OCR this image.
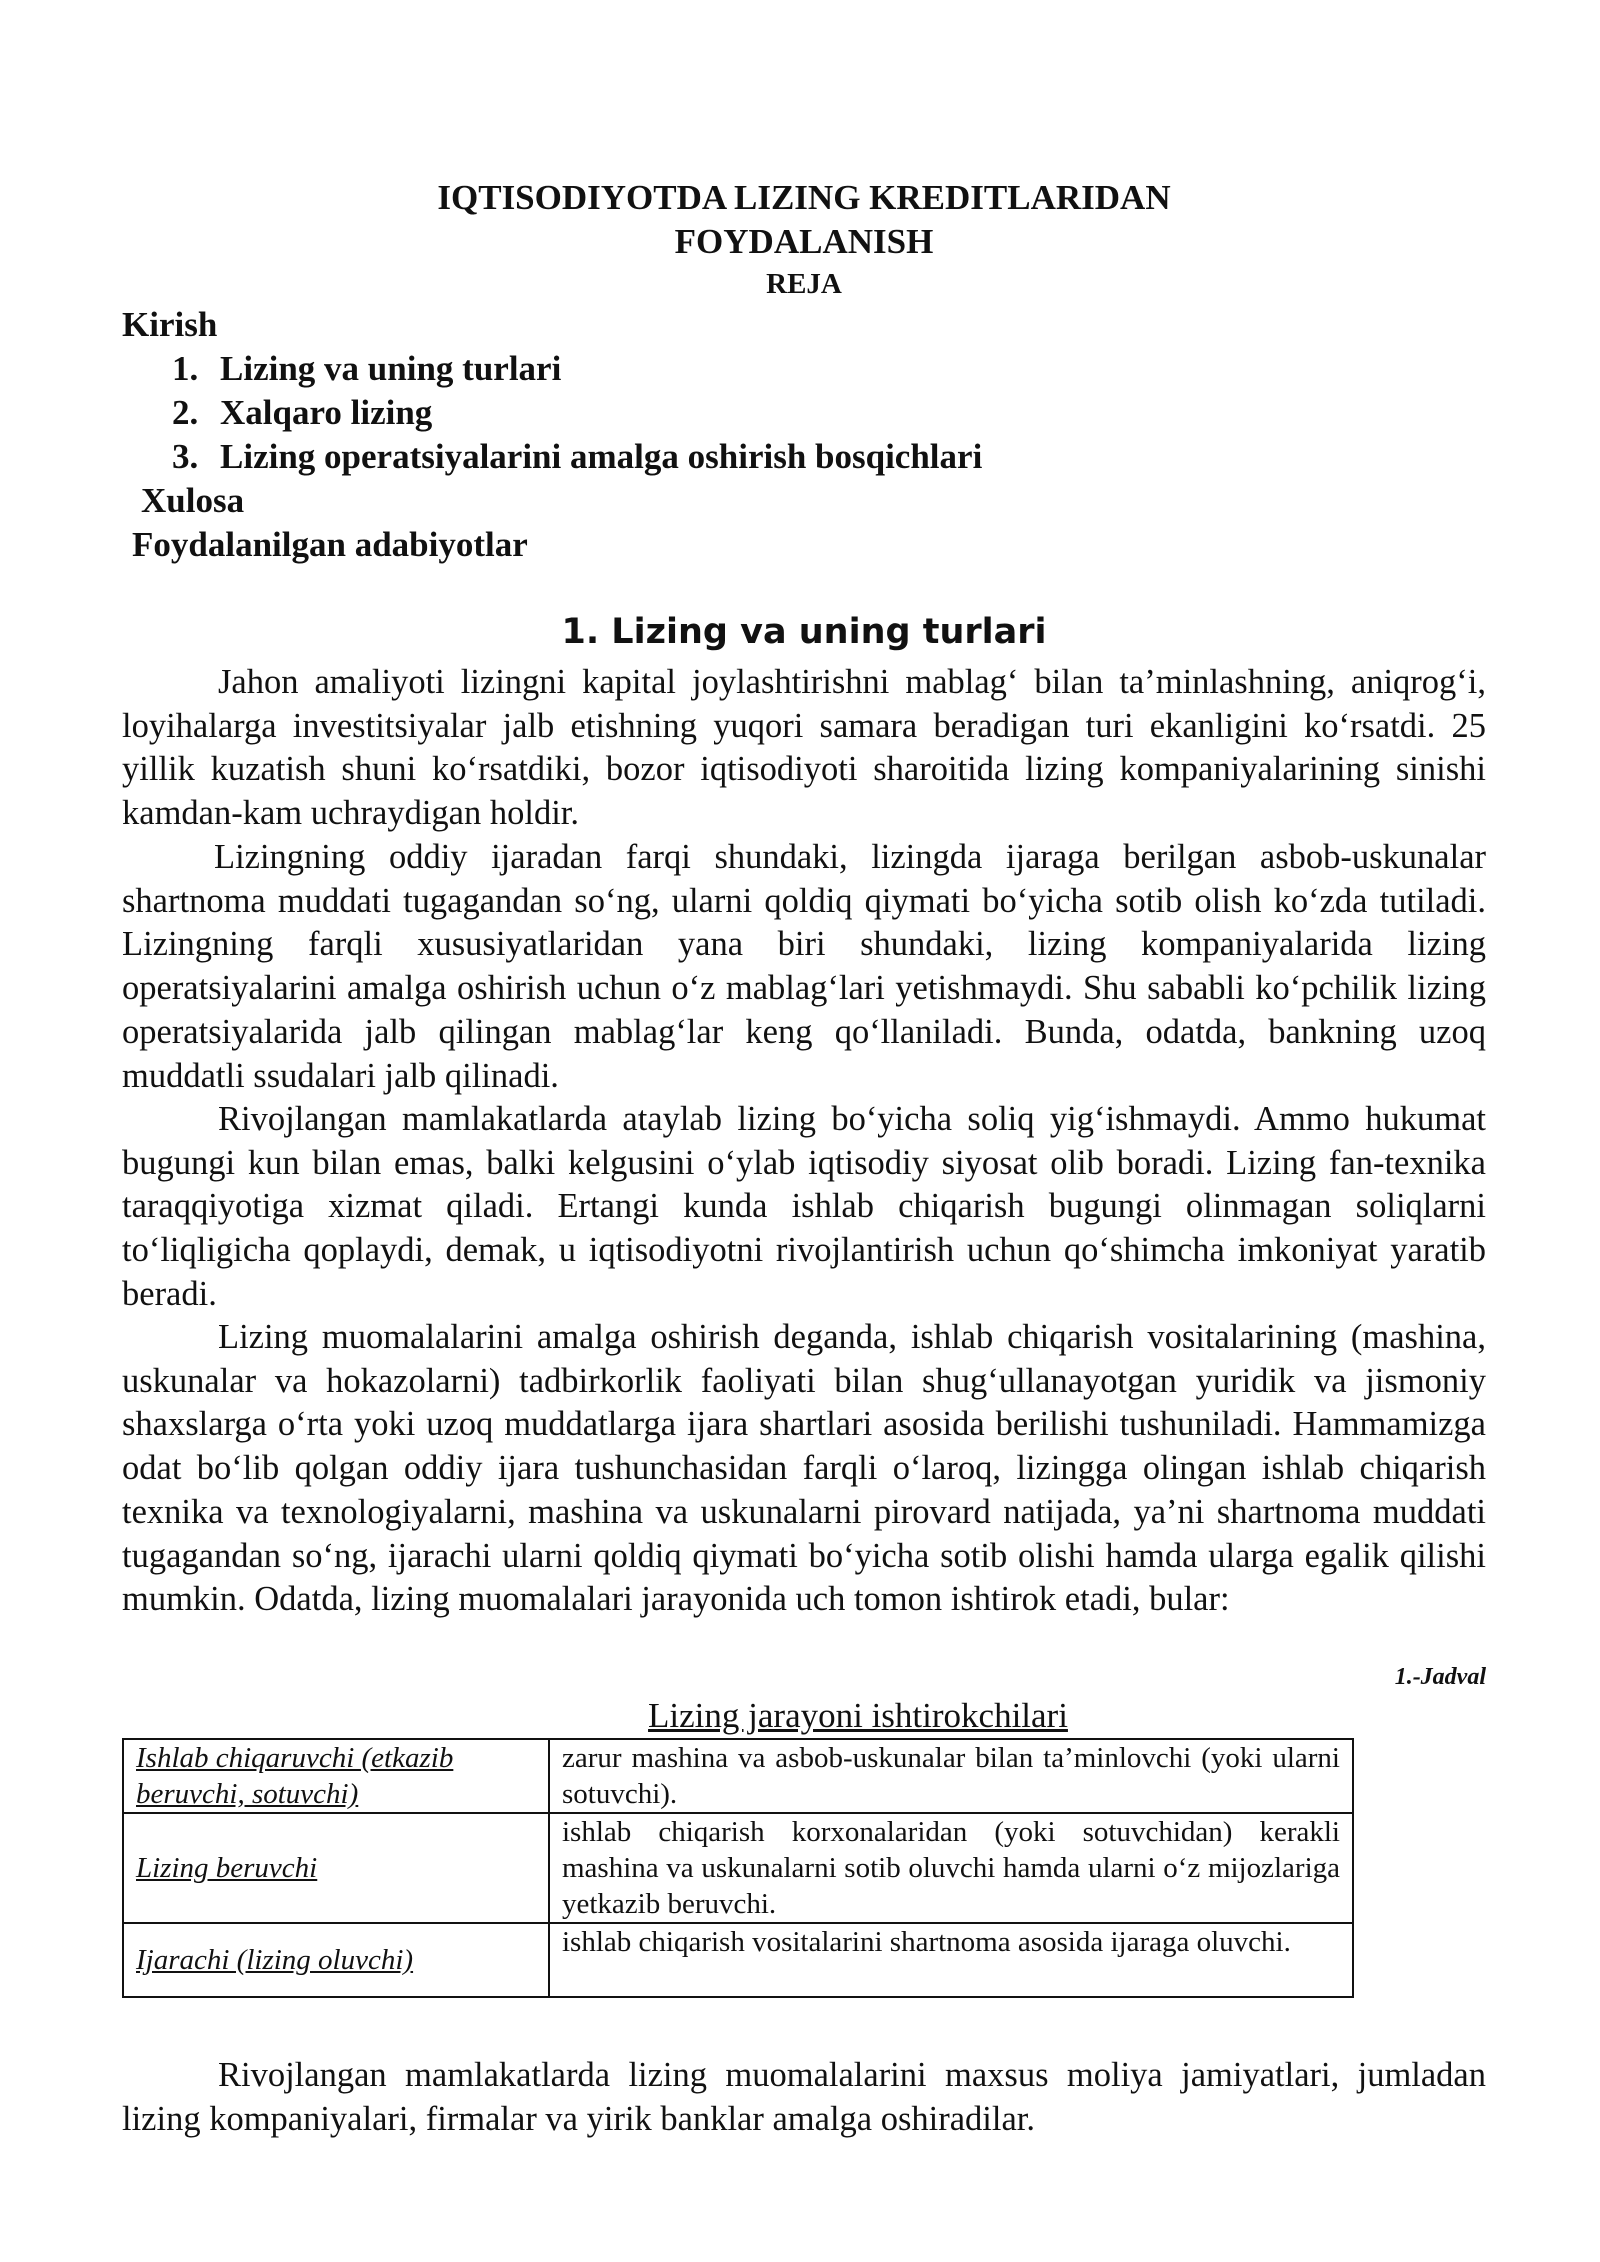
IQTISODIYOTDA LIZING KREDITLARIDAN
FOYDALANISH
REJA
Kirish
1. Lizing va uning turlari
2. Xalqaro lizing
3. Lizing operatsiyalarini amalga oshirish bosqichlari
Xulosa
Foydalanilgan adabiyotlar
1. Lizing va uning turlari

Jahon amaliyoti lizingni kapital joylashtirishni mablag‘ bilan ta’minlashning, aniqrog‘i, loyihalarga investitsiyalar jalb etishning yuqori samara beradigan turi ekanligini ko‘rsatdi. 25 yillik kuzatish shuni ko‘rsatdiki, bozor iqtisodiyoti sharoitida lizing kompaniyalarining sinishi kamdan-kam uchraydigan holdir.

Lizingning oddiy ijaradan farqi shundaki, lizingda ijaraga berilgan asbob-uskunalar shartnoma muddati tugagandan so‘ng, ularni qoldiq qiymati bo‘yicha sotib olish ko‘zda tutiladi. Lizingning farqli xususiyatlaridan yana biri shundaki, lizing kompaniyalarida lizing operatsiyalarini amalga oshirish uchun o‘z mablag‘lari yetishmaydi. Shu sababli ko‘pchilik lizing operatsiyalarida jalb qilingan mablag‘lar keng qo‘llaniladi. Bunda, odatda, bankning uzoq muddatli ssudalari jalb qilinadi.

Rivojlangan mamlakatlarda ataylab lizing bo‘yicha soliq yig‘ishmaydi. Ammo hukumat bugungi kun bilan emas, balki kelgusini o‘ylab iqtisodiy siyosat olib boradi. Lizing fan-texnika taraqqiyotiga xizmat qiladi. Ertangi kunda ishlab chiqarish bugungi olinmagan soliqlarni to‘liqligicha qoplaydi, demak, u iqtisodiyotni rivojlantirish uchun qo‘shimcha imkoniyat yaratib beradi.

Lizing muomalalarini amalga oshirish deganda, ishlab chiqarish vositalarining (mashina, uskunalar va hokazolarni) tadbirkorlik faoliyati bilan shug‘ullanayotgan yuridik va jismoniy shaxslarga o‘rta yoki uzoq muddatlarga ijara shartlari asosida berilishi tushuniladi. Hammamizga odat bo‘lib qolgan oddiy ijara tushunchasidan farqli o‘laroq, lizingga olingan ishlab chiqarish texnika va texnologiyalarni, mashina va uskunalarni pirovard natijada, ya’ni shartnoma muddati tugagandan so‘ng, ijarachi ularni qoldiq qiymati bo‘yicha sotib olishi hamda ularga egalik qilishi mumkin. Odatda, lizing muomalalari jarayonida uch tomon ishtirok etadi, bular:

1.-Jadval
Lizing jarayoni ishtirokchilari
Ishlab chiqaruvchi (etkazib beruvchi, sotuvchi)	zarur mashina va asbob-uskunalar bilan ta’minlovchi (yoki ularni sotuvchi).
Lizing beruvchi	ishlab chiqarish korxonalaridan (yoki sotuvchidan) kerakli mashina va uskunalarni sotib oluvchi hamda ularni o‘z mijozlariga yetkazib beruvchi.
Ijarachi (lizing oluvchi)	ishlab chiqarish vositalarini shartnoma asosida ijaraga oluvchi.

Rivojlangan mamlakatlarda lizing muomalalarini maxsus moliya jamiyatlari, jumladan lizing kompaniyalari, firmalar va yirik banklar amalga oshiradilar.
